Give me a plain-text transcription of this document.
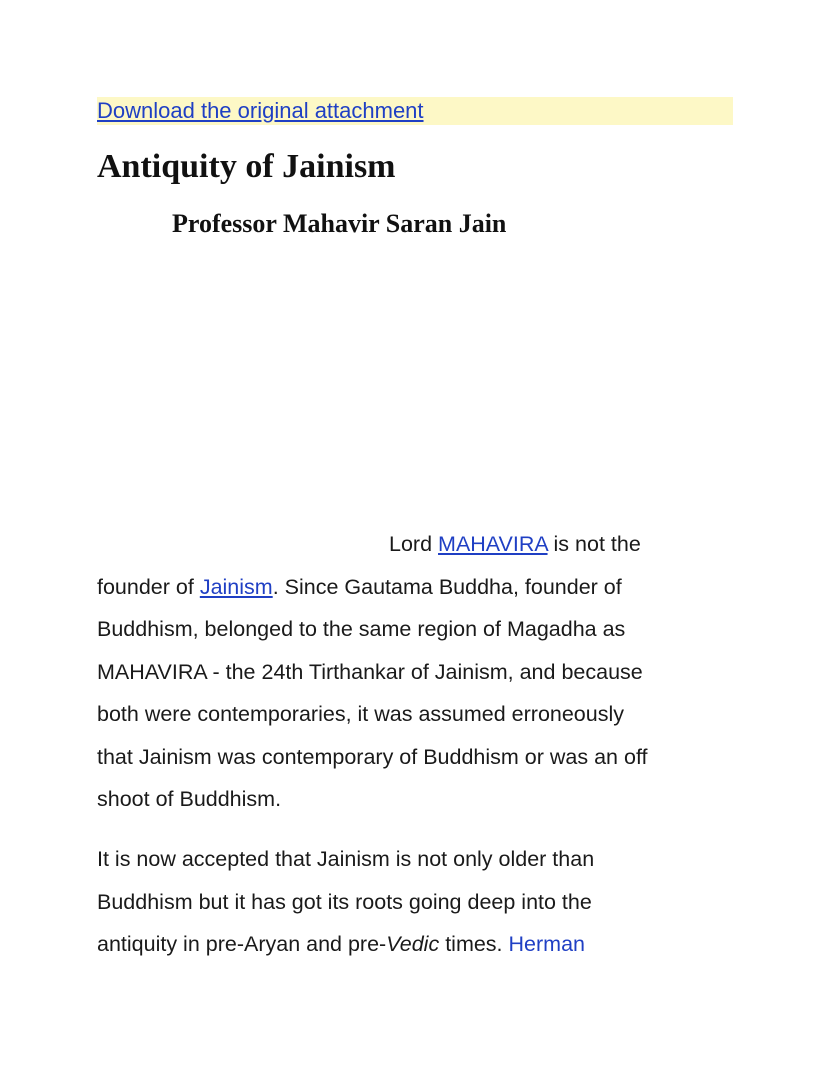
Download the original attachment
Antiquity of Jainism
Professor Mahavir Saran Jain
Lord MAHAVIRA is not the
founder of Jainism. Since Gautama Buddha, founder of
Buddhism, belonged to the same region of Magadha as
MAHAVIRA - the 24th Tirthankar of Jainism, and because
both were contemporaries, it was assumed erroneously
that Jainism was contemporary of Buddhism or was an off
shoot of Buddhism.
It is now accepted that Jainism is not only older than
Buddhism but it has got its roots going deep into the
antiquity in pre-Aryan and pre-Vedic times. Herman
